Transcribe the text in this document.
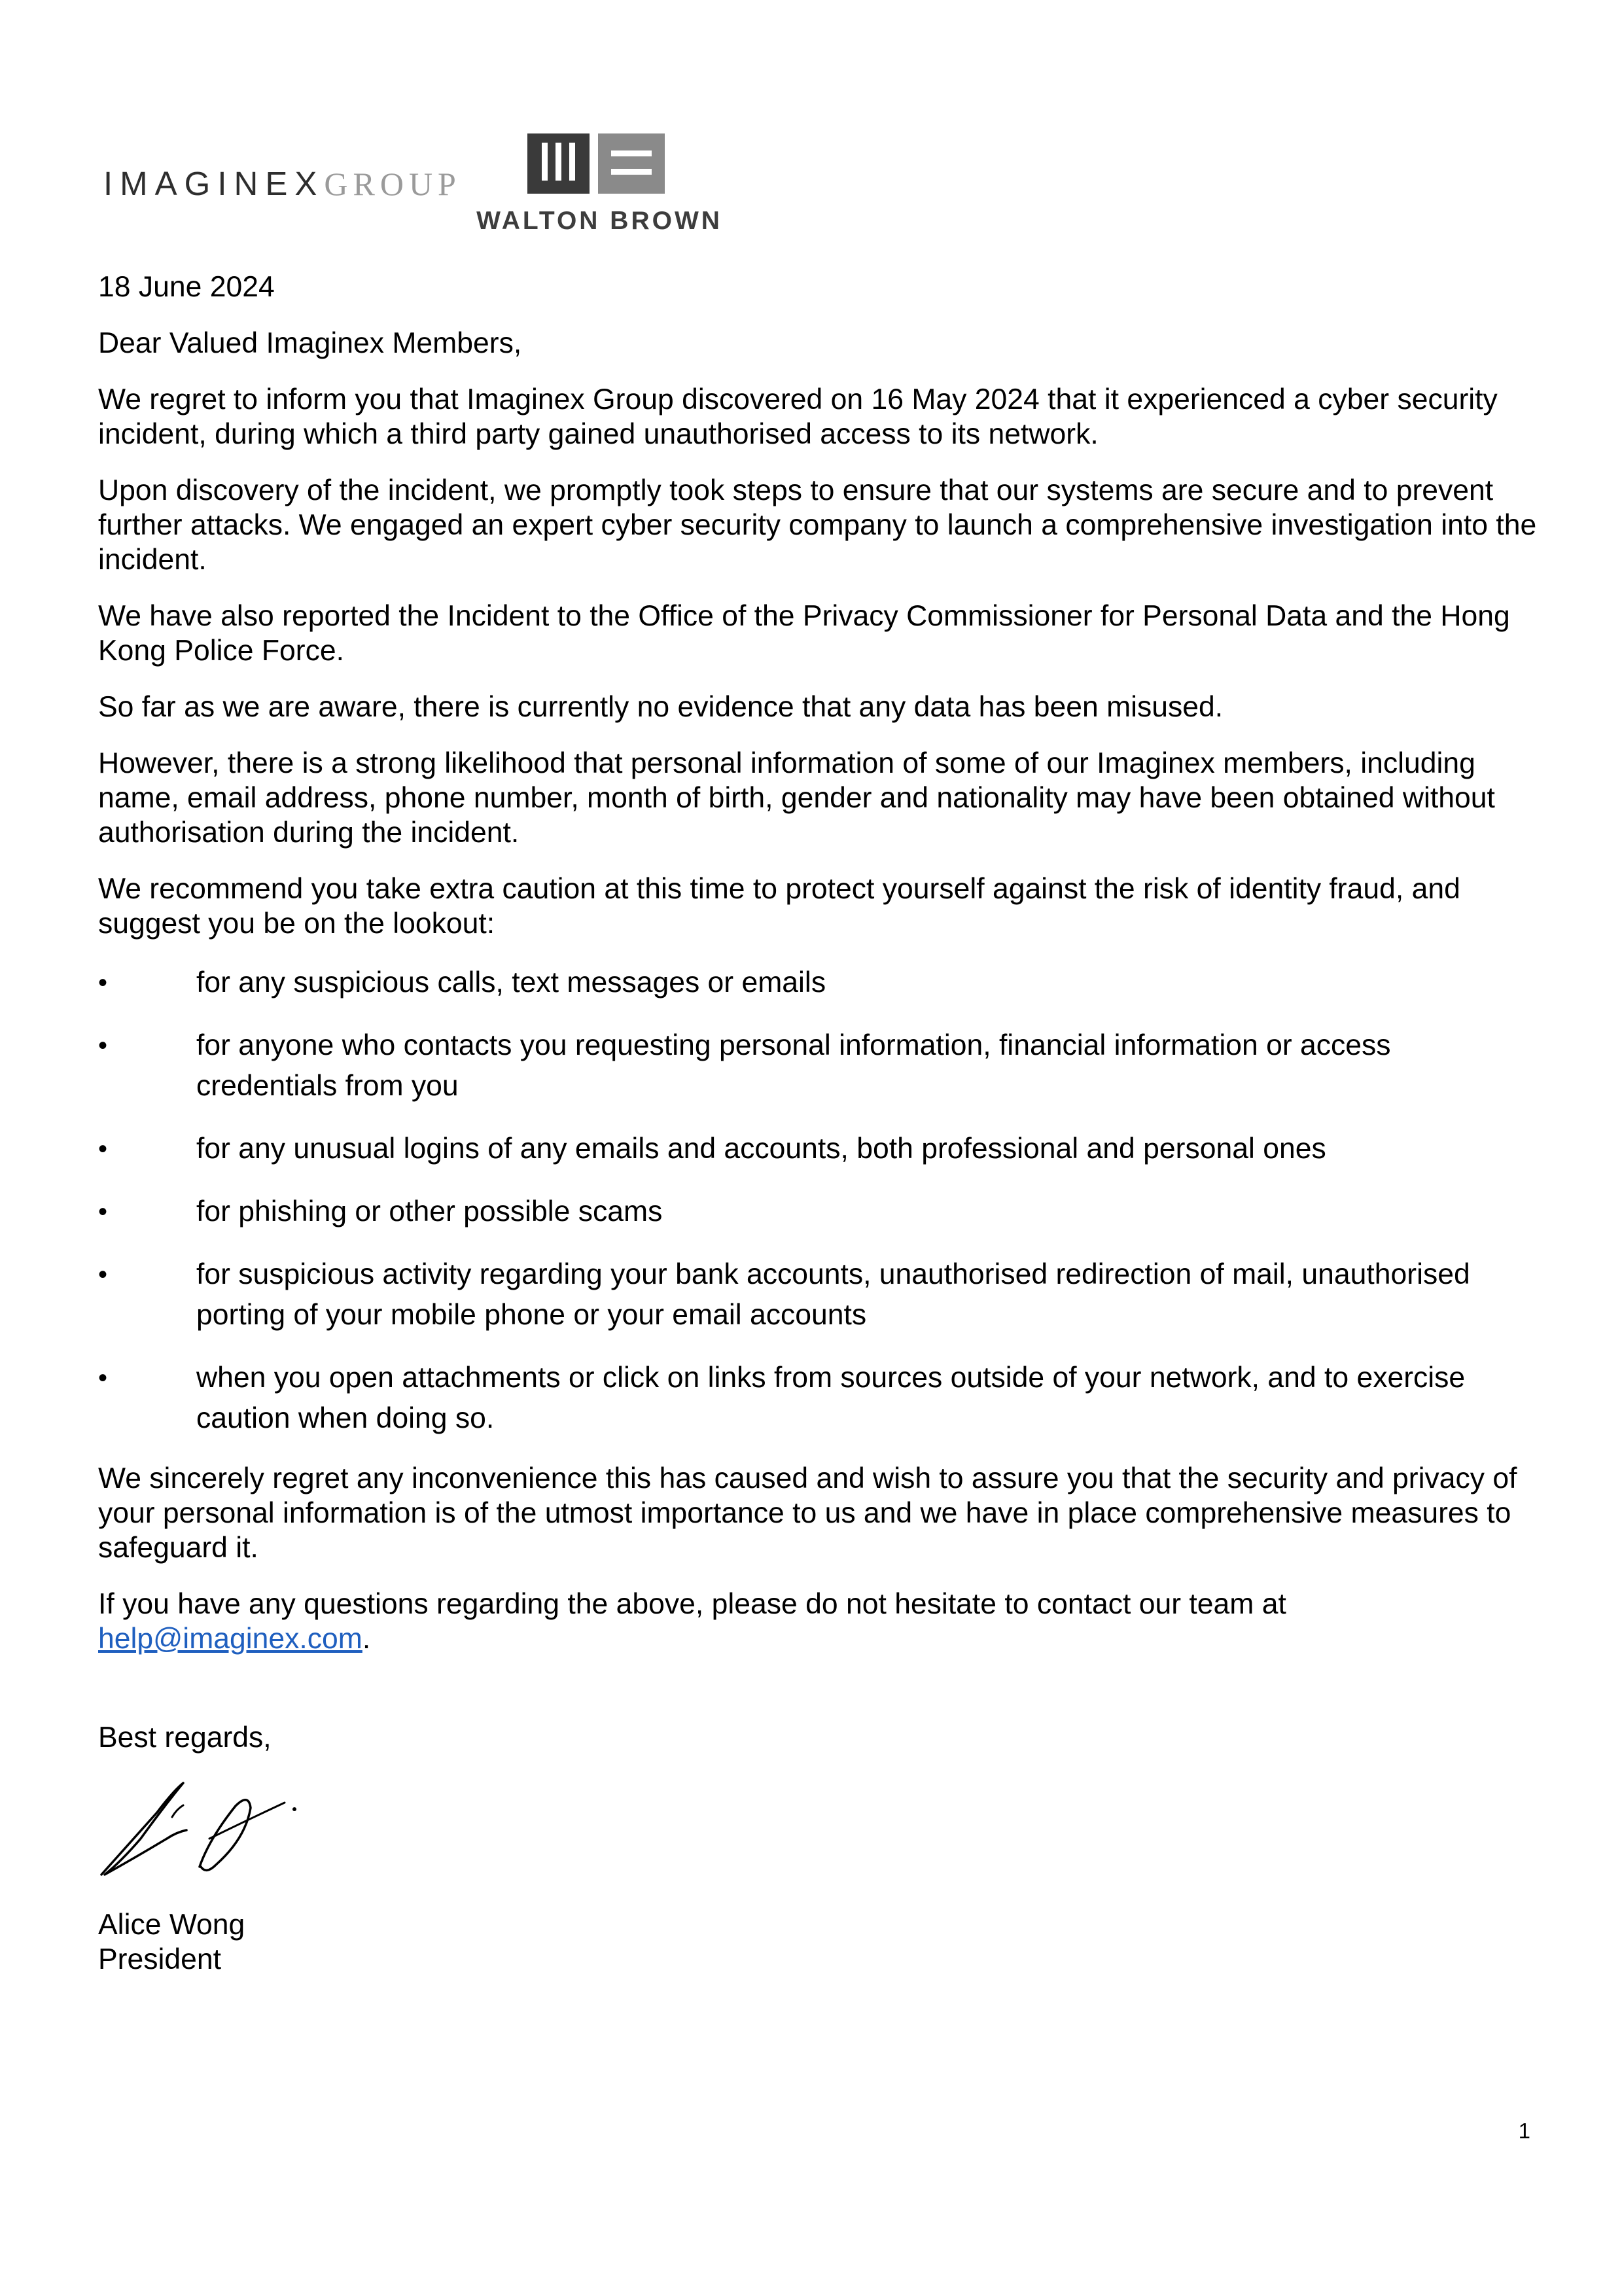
IMAGINEXGROUP
WALTON BROWN

18 June 2024

Dear Valued Imaginex Members,

We regret to inform you that Imaginex Group discovered on 16 May 2024 that it experienced a cyber security incident, during which a third party gained unauthorised access to its network.

Upon discovery of the incident, we promptly took steps to ensure that our systems are secure and to prevent further attacks. We engaged an expert cyber security company to launch a comprehensive investigation into the incident.

We have also reported the Incident to the Office of the Privacy Commissioner for Personal Data and the Hong Kong Police Force.

So far as we are aware, there is currently no evidence that any data has been misused.

However, there is a strong likelihood that personal information of some of our Imaginex members, including name, email address, phone number, month of birth, gender and nationality may have been obtained without authorisation during the incident.

We recommend you take extra caution at this time to protect yourself against the risk of identity fraud, and suggest you be on the lookout:

•	for any suspicious calls, text messages or emails
•	for anyone who contacts you requesting personal information, financial information or access credentials from you
•	for any unusual logins of any emails and accounts, both professional and personal ones
•	for phishing or other possible scams
•	for suspicious activity regarding your bank accounts, unauthorised redirection of mail, unauthorised porting of your mobile phone or your email accounts
•	when you open attachments or click on links from sources outside of your network, and to exercise caution when doing so.

We sincerely regret any inconvenience this has caused and wish to assure you that the security and privacy of your personal information is of the utmost importance to us and we have in place comprehensive measures to safeguard it.

If you have any questions regarding the above, please do not hesitate to contact our team at
help@imaginex.com.

Best regards,

Alice Wong

President

1
